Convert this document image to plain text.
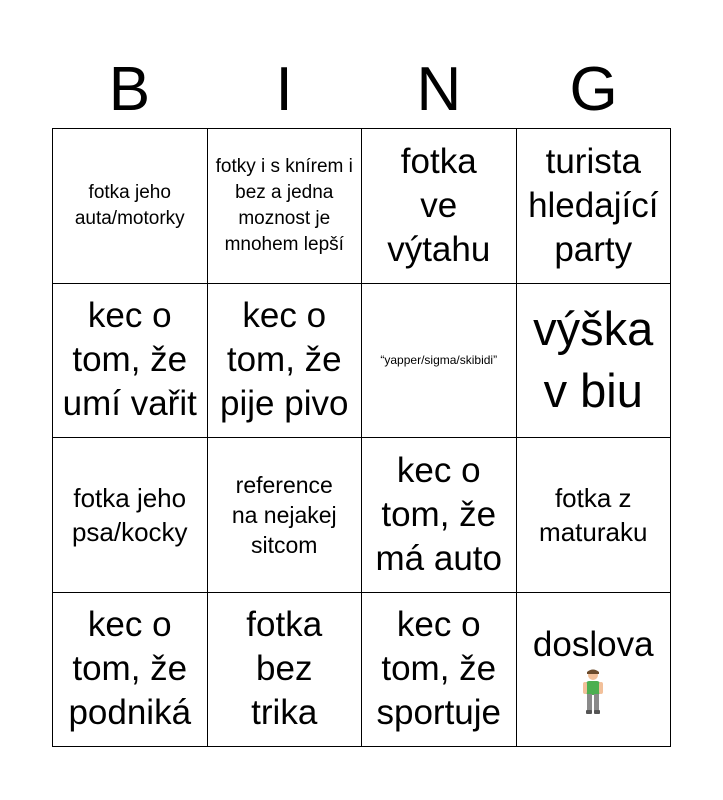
B	I	N	G
fotka jeho auta/motorky
fotky i s knírem i bez a jedna moznost je mnohem lepší
fotka
ve
výtahu
turista
hledající
party
kec o
tom, že
umí vařit
kec o
tom, že
pije pivo
“yapper/sigma/skibidi”
výška
v biu
fotka jeho
psa/kocky
reference
na nejakej
sitcom
kec o
tom, že
má auto
fotka z
maturaku
kec o
tom, že
podniká
fotka
bez
trika
kec o
tom, že
sportuje
doslova
